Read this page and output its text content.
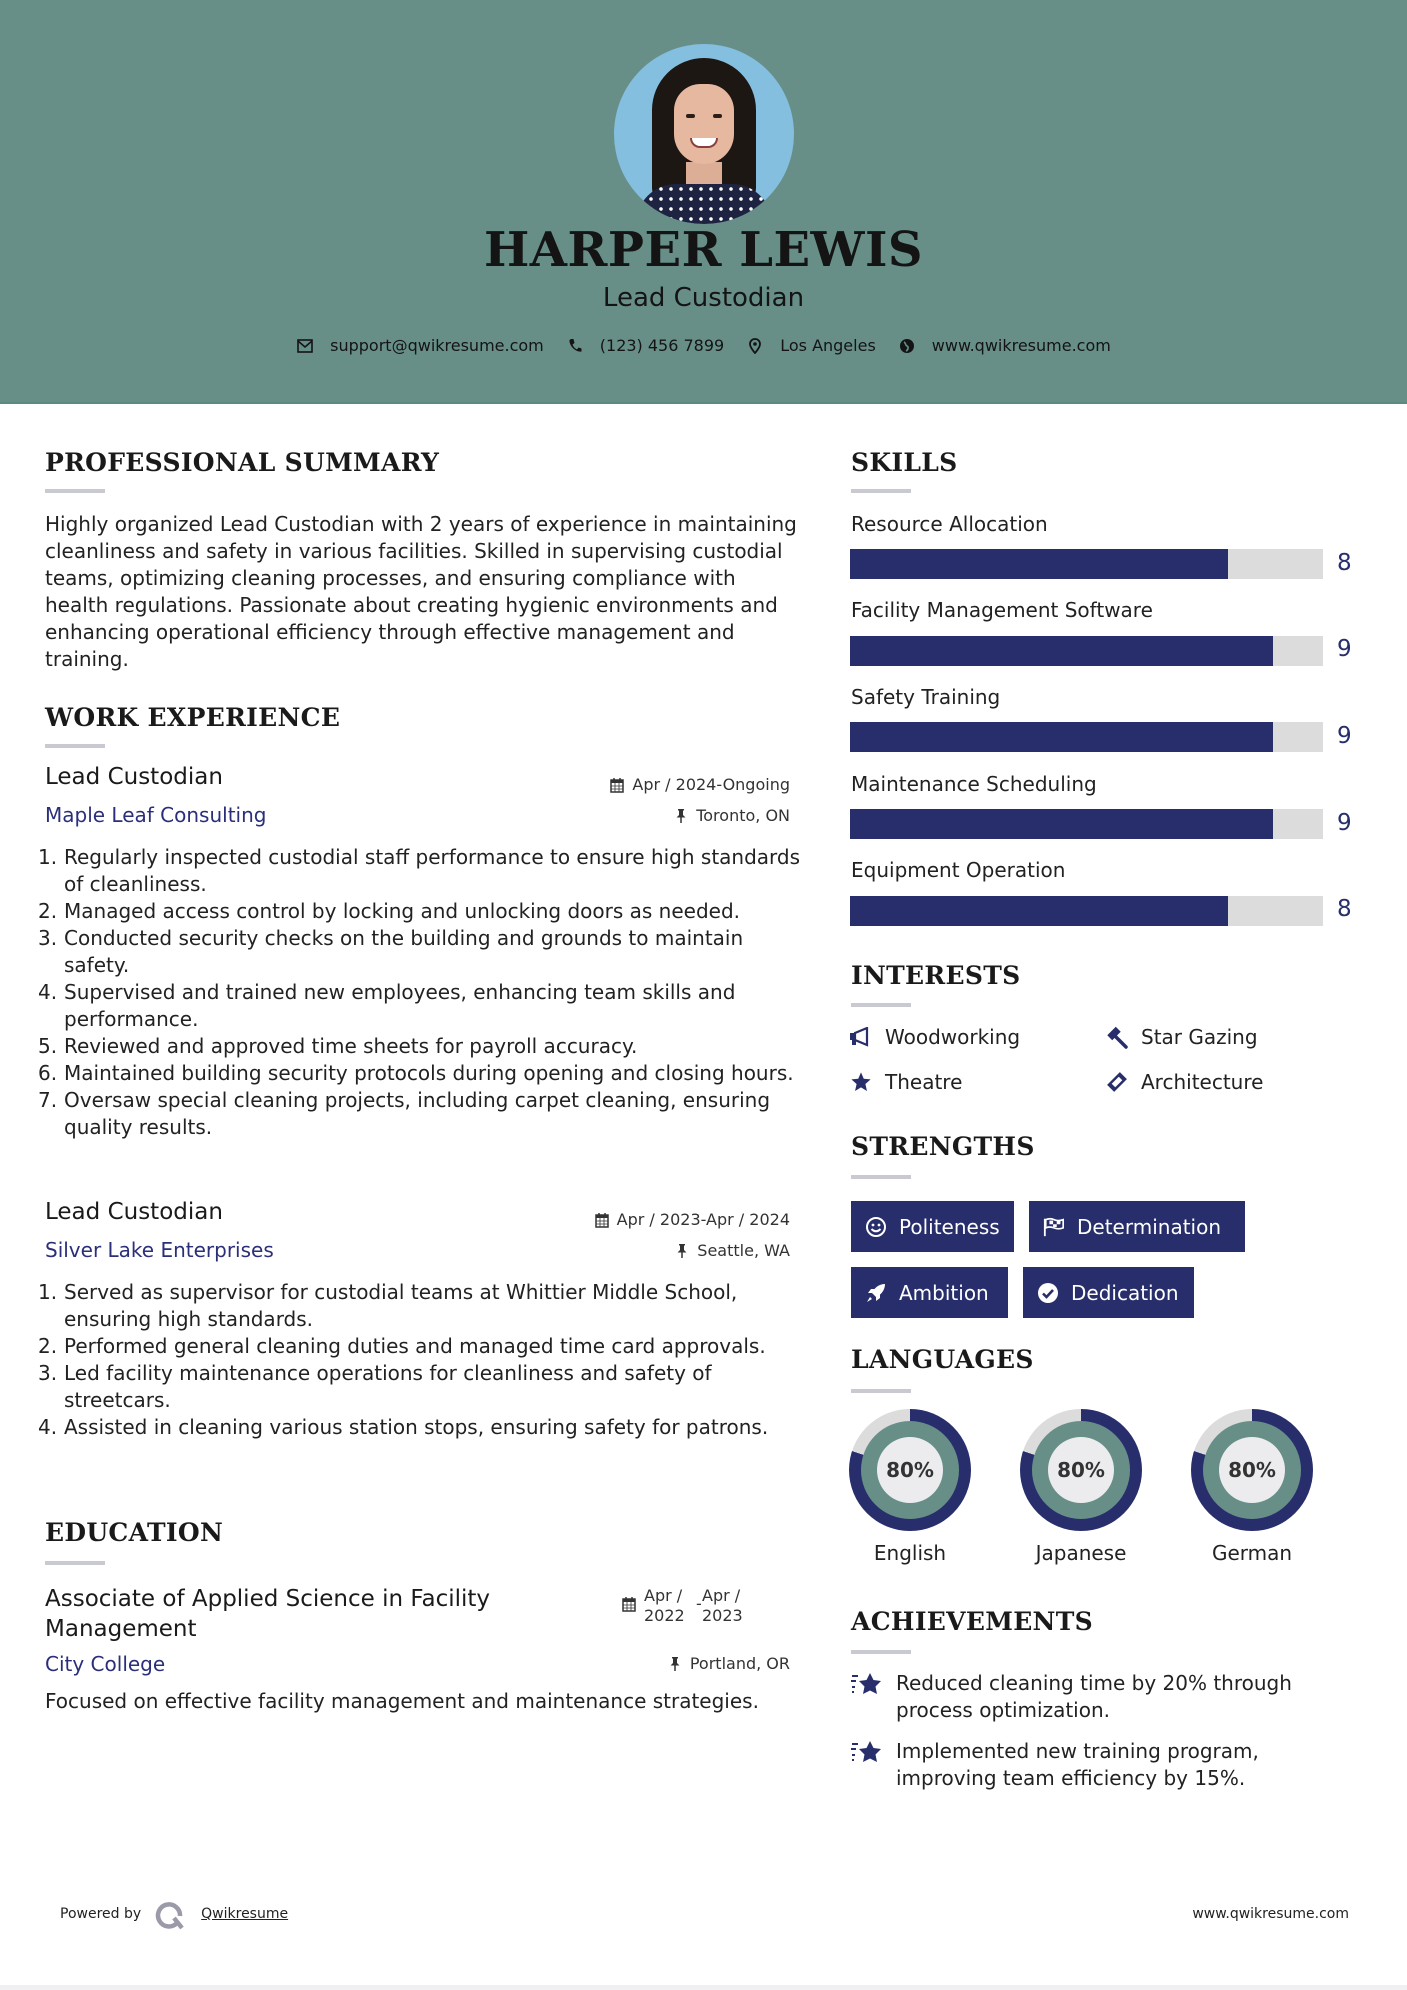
HARPER LEWIS
Lead Custodian
support@qwikresume.com	(123) 456 7899	Los Angeles	www.qwikresume.com
PROFESSIONAL SUMMARY
Highly organized Lead Custodian with 2 years of experience in maintaining cleanliness and safety in various facilities. Skilled in supervising custodial teams, optimizing cleaning processes, and ensuring compliance with health regulations. Passionate about creating hygienic environments and enhancing operational efficiency through effective management and training.
WORK EXPERIENCE
Lead Custodian	Apr / 2024-Ongoing
Maple Leaf Consulting	Toronto, ON
1. Regularly inspected custodial staff performance to ensure high standards of cleanliness.
2. Managed access control by locking and unlocking doors as needed.
3. Conducted security checks on the building and grounds to maintain safety.
4. Supervised and trained new employees, enhancing team skills and performance.
5. Reviewed and approved time sheets for payroll accuracy.
6. Maintained building security protocols during opening and closing hours.
7. Oversaw special cleaning projects, including carpet cleaning, ensuring quality results.
Lead Custodian	Apr / 2023-Apr / 2024
Silver Lake Enterprises	Seattle, WA
1. Served as supervisor for custodial teams at Whittier Middle School, ensuring high standards.
2. Performed general cleaning duties and managed time card approvals.
3. Led facility maintenance operations for cleanliness and safety of streetcars.
4. Assisted in cleaning various station stops, ensuring safety for patrons.
EDUCATION
Associate of Applied Science in Facility Management
Apr /
2022
- Apr /
2023
City College	Portland, OR
Focused on effective facility management and maintenance strategies.
SKILLS
Resource Allocation
8
Facility Management Software
9
Safety Training
9
Maintenance Scheduling
9
Equipment Operation
8
INTERESTS
Woodworking	Star Gazing
Theatre	Architecture
STRENGTHS
Politeness	Determination
Ambition	Dedication
LANGUAGES
80%
English
80%
Japanese
80%
German
ACHIEVEMENTS
Reduced cleaning time by 20% through process optimization.
Implemented new training program, improving team efficiency by 15%.
Powered by	Qwikresume	www.qwikresume.com
